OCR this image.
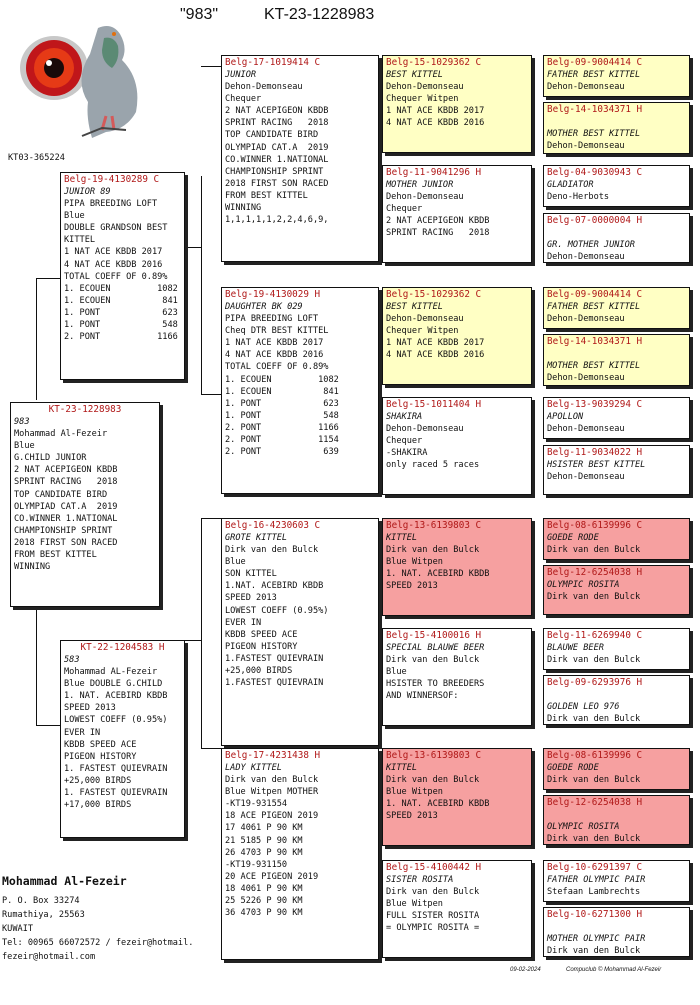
"983"	KT-23-1228983
KT03-365224
KT-23-1228983
983
Mohammad Al-Fezeir
Blue
G.CHILD JUNIOR
2 NAT ACEPIGEON KBDB
SPRINT RACING   2018
TOP CANDIDATE BIRD
OLYMPIAD CAT.A  2019
CO.WINNER 1.NATIONAL
CHAMPIONSHIP SPRINT
2018 FIRST SON RACED
FROM BEST KITTEL
WINNING
Belg-19-4130289 C
JUNIOR 89
PIPA BREEDING LOFT
Blue
DOUBLE GRANDSON BEST
KITTEL
1 NAT ACE KBDB 2017
4 NAT ACE KBDB 2016
TOTAL COEFF OF 0.89%
1. ECOUEN         1082
1. ECOUEN          841
1. PONT            623
1. PONT            548
2. PONT           1166
KT-22-1204583 H
583
Mohammad AL-Fezeir
Blue DOUBLE G.CHILD
1. NAT. ACEBIRD KBDB
SPEED 2013
LOWEST COEFF (0.95%)
EVER IN
KBDB SPEED ACE
PIGEON HISTORY
1. FASTEST QUIEVRAIN
+25,000 BIRDS
1. FASTEST QUIEVRAIN
+17,000 BIRDS
Belg-17-1019414 C
JUNIOR
Dehon-Demonseau
Chequer
2 NAT ACEPIGEON KBDB
SPRINT RACING   2018
TOP CANDIDATE BIRD
OLYMPIAD CAT.A  2019
CO.WINNER 1.NATIONAL
CHAMPIONSHIP SPRINT
2018 FIRST SON RACED
FROM BEST KITTEL
WINNING
1,1,1,1,1,2,2,4,6,9,
Belg-19-4130029 H
DAUGHTER BK 029
PIPA BREEDING LOFT
Cheq DTR BEST KITTEL
1 NAT ACE KBDB 2017
4 NAT ACE KBDB 2016
TOTAL COEFF OF 0.89%
1. ECOUEN         1082
1. ECOUEN          841
1. PONT            623
1. PONT            548
2. PONT           1166
2. PONT           1154
2. PONT            639
Belg-16-4230603 C
GROTE KITTEL
Dirk van den Bulck
Blue
SON KITTEL
1.NAT. ACEBIRD KBDB
SPEED 2013
LOWEST COEFF (0.95%)
EVER IN
KBDB SPEED ACE
PIGEON HISTORY
1.FASTEST QUIEVRAIN
+25,000 BIRDS
1.FASTEST QUIEVRAIN
Belg-17-4231438 H
LADY KITTEL
Dirk van den Bulck
Blue Witpen MOTHER
-KT19-931554
18 ACE PIGEON 2019
17 4061 P 90 KM
21 5185 P 90 KM
26 4703 P 90 KM
-KT19-931150
20 ACE PIGEON 2019
18 4061 P 90 KM
25 5226 P 90 KM
36 4703 P 90 KM
Belg-15-1029362 C
BEST KITTEL
Dehon-Demonseau
Chequer Witpen
1 NAT ACE KBDB 2017
4 NAT ACE KBDB 2016
Belg-11-9041296 H
MOTHER JUNIOR
Dehon-Demonseau
Chequer
2 NAT ACEPIGEON KBDB
SPRINT RACING   2018
Belg-15-1029362 C
BEST KITTEL
Dehon-Demonseau
Chequer Witpen
1 NAT ACE KBDB 2017
4 NAT ACE KBDB 2016
Belg-15-1011404 H
SHAKIRA
Dehon-Demonseau
Chequer
-SHAKIRA
only raced 5 races
Belg-13-6139803 C
KITTEL
Dirk van den Bulck
Blue Witpen
1. NAT. ACEBIRD KBDB
SPEED 2013
Belg-15-4100016 H
SPECIAL BLAUWE BEER
Dirk van den Bulck
Blue
HSISTER TO BREEDERS
AND WINNERSOF:
Belg-13-6139803 C
KITTEL
Dirk van den Bulck
Blue Witpen
1. NAT. ACEBIRD KBDB
SPEED 2013
Belg-15-4100442 H
SISTER ROSITA
Dirk van den Bulck
Blue Witpen
FULL SISTER ROSITA
= OLYMPIC ROSITA =
Belg-09-9004414 C
FATHER BEST KITTEL
Dehon-Demonseau
Belg-14-1034371 H
MOTHER BEST KITTEL
Dehon-Demonseau
Belg-04-9030943 C
GLADIATOR
Deno-Herbots
Belg-07-0000004 H
GR. MOTHER JUNIOR
Dehon-Demonseau
Belg-09-9004414 C
FATHER BEST KITTEL
Dehon-Demonseau
Belg-14-1034371 H
MOTHER BEST KITTEL
Dehon-Demonseau
Belg-13-9039294 C
APOLLON
Dehon-Demonseau
Belg-11-9034022 H
HSISTER BEST KITTEL
Dehon-Demonseau
Belg-08-6139996 C
GOEDE RODE
Dirk van den Bulck
Belg-12-6254038 H
OLYMPIC ROSITA
Dirk van den Bulck
Belg-11-6269940 C
BLAUWE BEER
Dirk van den Bulck
Belg-09-6293976 H
GOLDEN LEO 976
Dirk van den Bulck
Belg-08-6139996 C
GOEDE RODE
Dirk van den Bulck
Belg-12-6254038 H
OLYMPIC ROSITA
Dirk van den Bulck
Belg-10-6291397 C
FATHER OLYMPIC PAIR
Stefaan Lambrechts
Belg-10-6271300 H
MOTHER OLYMPIC PAIR
Dirk van den Bulck
Mohammad Al-Fezeir
P. O. Box 33274
Rumathiya, 25563
KUWAIT
Tel: 00965 66072572 / fezeir@hotmail.
fezeir@hotmail.com
09-02-2024	Compuclub © Mohammad Al-Fezeir
